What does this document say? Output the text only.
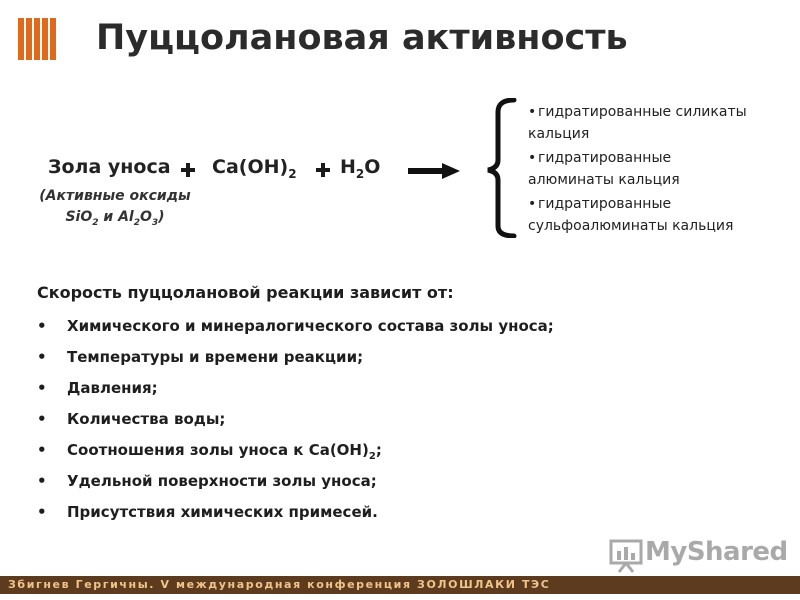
Пуццолановая активность
Зола уноса $Ca(OH)_2$ $H_2O$
(Активные оксиды
SiO$_2$ и $Al_2O_3$)
• гидратированные силикаты
кальция
• гидратированные
алюминаты кальция
• гидратированные
сульфоалюминаты кальция
Скорость пуццолановой реакции зависит от:
•	Химического и минералогического состава золы уноса;
•	Температуры и времени реакции;
•	Давления;
•	Количества воды;
•	Соотношения золы уноса к $Ca(OH)_2$;
•	Удельной поверхности золы уноса;
•	Присутствия химических примесей.
MyShared
Збигнев Гергичны. V международная конференция ЗОЛОШЛАКИ ТЭС
